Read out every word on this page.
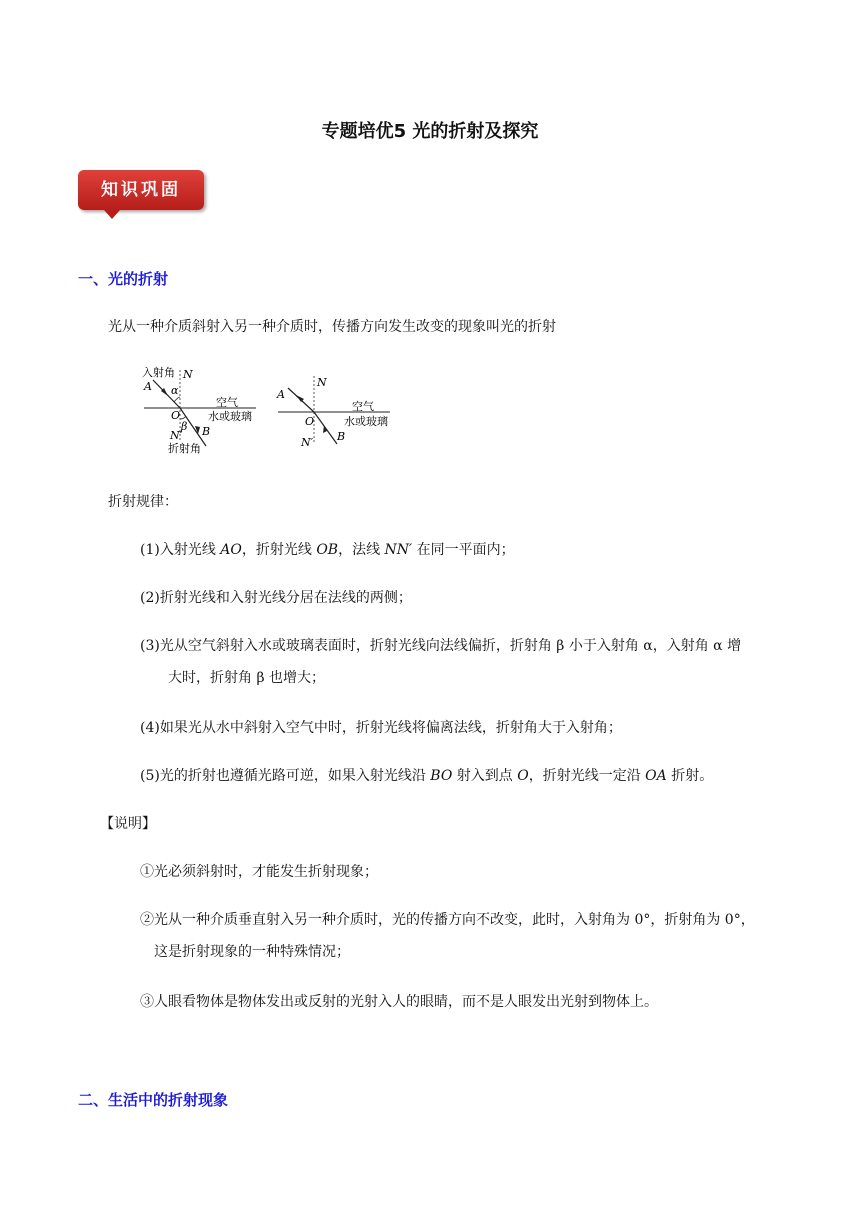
专题培优5 光的折射及探究
知识巩固
一、光的折射
光从一种介质斜射入另一种介质时，传播方向发生改变的现象叫光的折射
入射角
A
N
α
O
β B
N′
空气
水或玻璃
折射角
A
N
O
B
N′
空气
水或玻璃
折射规律：
(1)入射光线 AO，折射光线 OB，法线 NN′ 在同一平面内；
(2)折射光线和入射光线分居在法线的两侧；
(3)光从空气斜射入水或玻璃表面时，折射光线向法线偏折，折射角 β 小于入射角 α，入射角 α 增
大时，折射角 β 也增大；
(4)如果光从水中斜射入空气中时，折射光线将偏离法线，折射角大于入射角；
(5)光的折射也遵循光路可逆，如果入射光线沿 BO 射入到点 O，折射光线一定沿 OA 折射。
【说明】
①光必须斜射时，才能发生折射现象；
②光从一种介质垂直射入另一种介质时，光的传播方向不改变，此时，入射角为 0°，折射角为 0°，
这是折射现象的一种特殊情况；
③人眼看物体是物体发出或反射的光射入人的眼睛，而不是人眼发出光射到物体上。
二、生活中的折射现象
